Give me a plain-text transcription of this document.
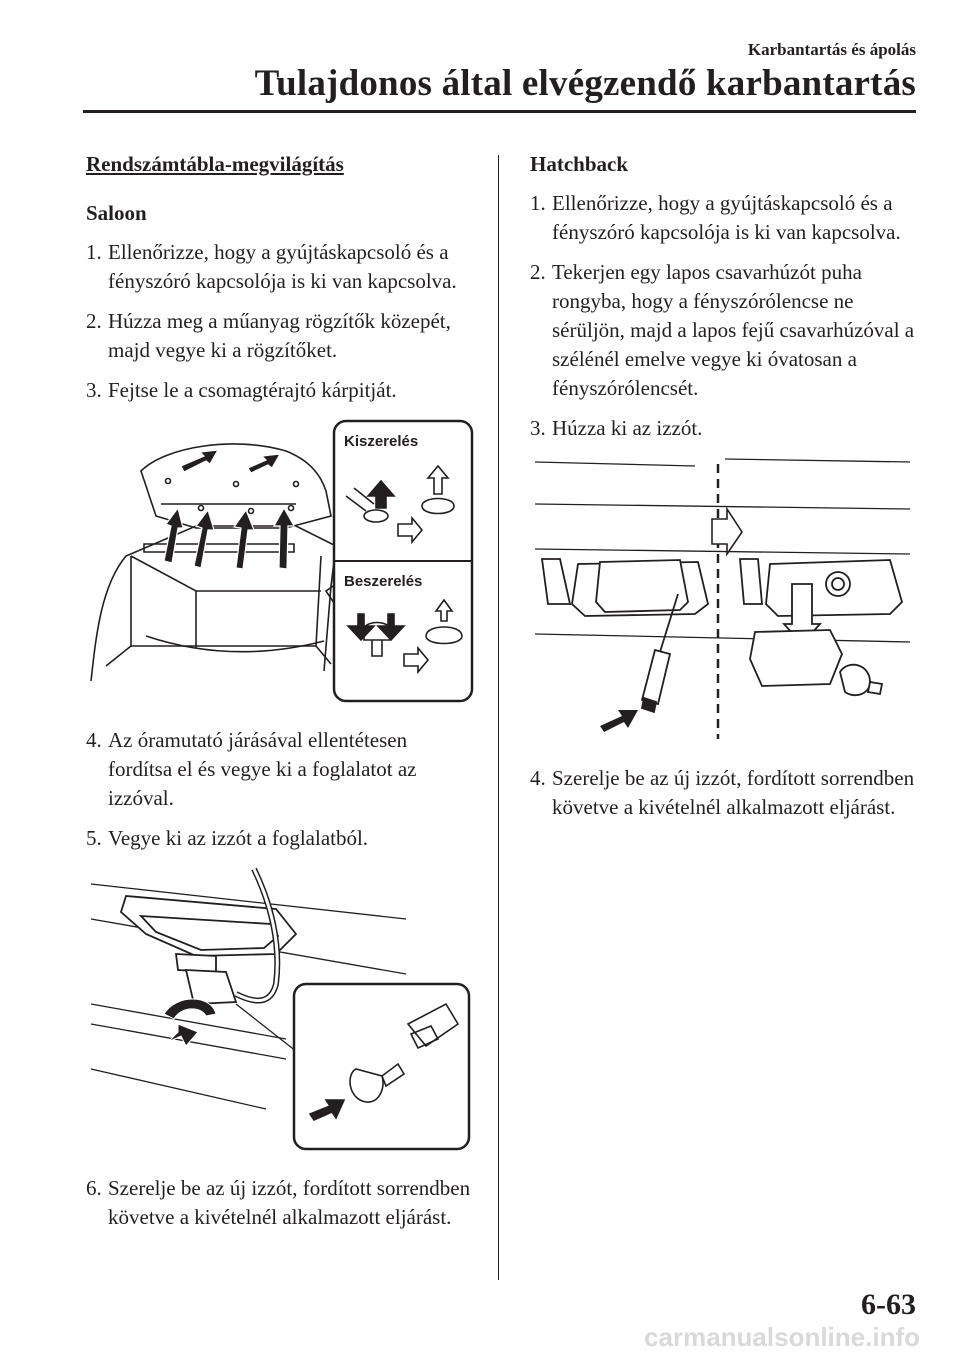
Karbantartás és ápolás
Tulajdonos által elvégzendő karbantartás
Rendszámtábla-megvilágítás
Saloon
1. Ellenőrizze, hogy a gyújtáskapcsoló és a fényszóró kapcsolója is ki van kapcsolva.
2. Húzza meg a műanyag rögzítők közepét, majd vegye ki a rögzítőket.
3. Fejtse le a csomagtérajtó kárpitját.
Kiszerelés
Beszerelés
4. Az óramutató járásával ellentétesen fordítsa el és vegye ki a foglalatot az izzóval.
5. Vegye ki az izzót a foglalatból.
6. Szerelje be az új izzót, fordított sorrendben követve a kivételnél alkalmazott eljárást.
Hatchback
1. Ellenőrizze, hogy a gyújtáskapcsoló és a fényszóró kapcsolója is ki van kapcsolva.
2. Tekerjen egy lapos csavarhúzót puha rongyba, hogy a fényszórólencse ne sérüljön, majd a lapos fejű csavarhúzóval a szélénél emelve vegye ki óvatosan a fényszórólencsét.
3. Húzza ki az izzót.
4. Szerelje be az új izzót, fordított sorrendben követve a kivételnél alkalmazott eljárást.
6-63
carmanualsonline.info
